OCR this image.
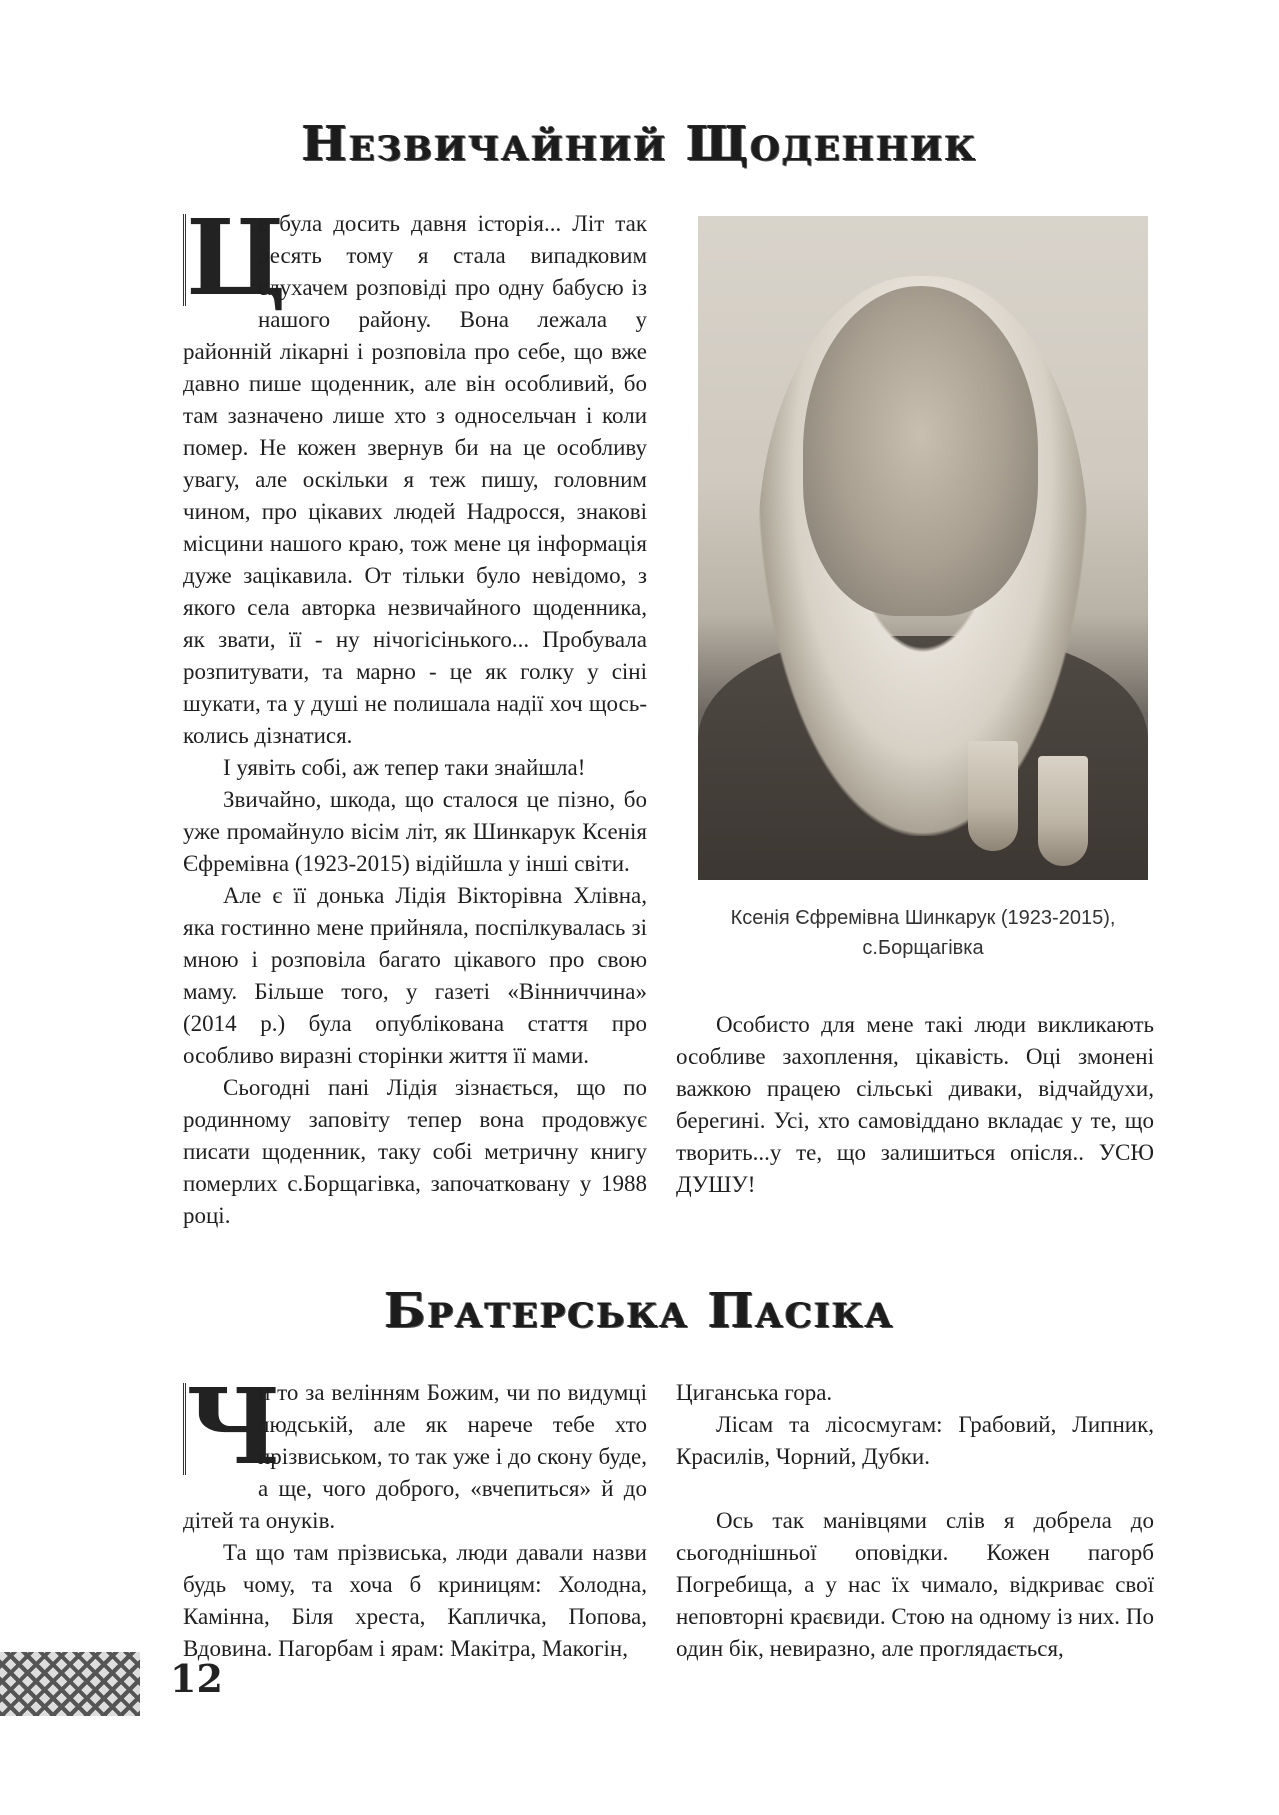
Незвичайний Щоденник

Ц
е була досить давня історія... Літ так десять тому я стала випадковим слухачем розповіді про одну бабусю із нашого району. Вона лежала у районній лікарні і розповіла про себе, що вже давно пише щоденник, але він особливий, бо там зазначено лише хто з односельчан і коли помер. Не кожен звернув би на це особливу увагу, але оскільки я теж пишу, головним чином, про цікавих людей Надросся, знакові місцини нашого краю, тож мене ця інформація дуже зацікавила. От тільки було невідомо, з якого села авторка незвичайного щоденника, як звати, її - ну нічогісінького... Пробувала розпитувати, та марно - це як голку у сіні шукати, та у душі не полишала надії хоч щось-колись дізнатися.

І уявіть собі, аж тепер таки знайшла!

Звичайно, шкода, що сталося це пізно, бо уже промайнуло вісім літ, як Шинкарук Ксенія Єфремівна (1923-2015) відійшла у інші світи.

Але є її донька Лідія Вікторівна Хлівна, яка гостинно мене прийняла, поспілкувалась зі мною і розповіла багато цікавого про свою маму. Більше того, у газеті «Вінниччина» (2014 р.) була опублікована стаття про особливо виразні сторінки життя її мами.

Сьогодні пані Лідія зізнається, що по родинному заповіту тепер вона продовжує писати щоденник, таку собі метричну книгу померлих с.Борщагівка, започатковану у 1988 році.

Ксенія Єфремівна Шинкарук (1923-2015),
с.Борщагівка

Особисто для мене такі люди викликають особливе захоплення, цікавість. Оці змонені важкою працею сільські диваки, відчайдухи, берегині. Усі, хто самовіддано вкладає у те, що творить...у те, що залишиться опісля.. УСЮ ДУШУ!

Братерська Пасіка

Ч
и то за велінням Божим, чи по видумці людській, але як нарече тебе хто прізвиськом, то так уже і до скону буде, а ще, чого доброго, «вчепиться» й до дітей та онуків.

Та що там прізвиська, люди давали назви будь чому, та хоча б криницям: Холодна, Камінна, Біля хреста, Капличка, Попова, Вдовина. Пагорбам і ярам: Макітра, Макогін,

Циганська гора.

Лісам та лісосмугам: Грабовий, Липник, Красилів, Чорний, Дубки.

Ось так манівцями слів я добрела до сьогоднішньої оповідки. Кожен пагорб Погребища, а у нас їх чимало, відкриває свої неповторні краєвиди. Стою на одному із них. По один бік, невиразно, але проглядається,

12
